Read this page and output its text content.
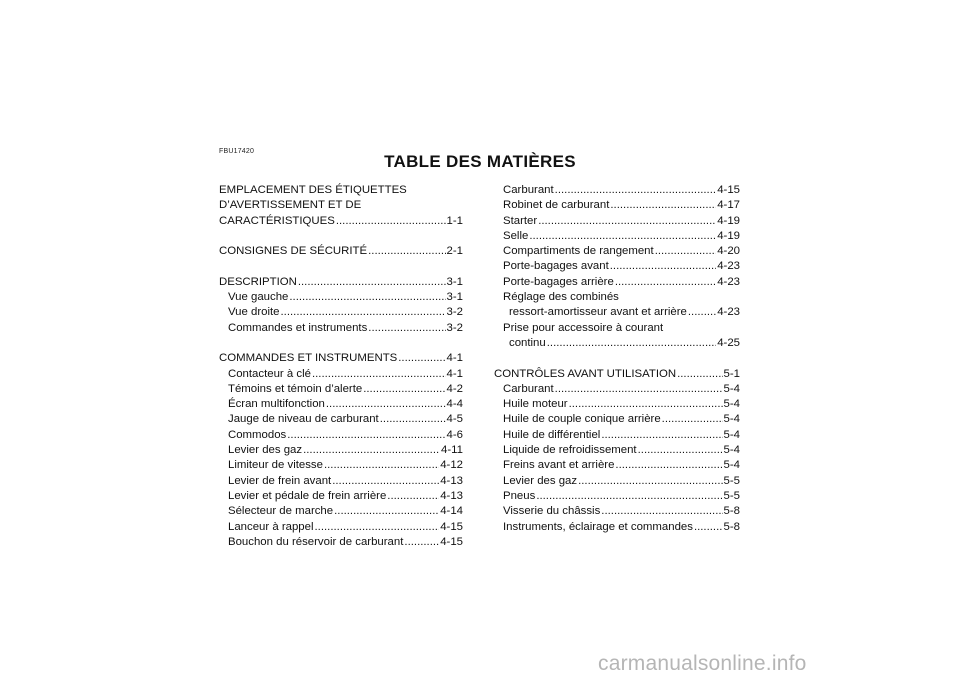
FBU17420
TABLE DES MATIÈRES
EMPLACEMENT DES ÉTIQUETTES
D’AVERTISSEMENT ET DE
CARACTÉRISTIQUES .....	1-1
CONSIGNES DE SÉCURITÉ .....	2-1
DESCRIPTION .....	3-1
Vue gauche .....	3-1
Vue droite .....	3-2
Commandes et instruments .....	3-2
COMMANDES ET INSTRUMENTS .....	4-1
Contacteur à clé .....	4-1
Témoins et témoin d’alerte .....	4-2
Écran multifonction .....	4-4
Jauge de niveau de carburant .....	4-5
Commodos .....	4-6
Levier des gaz .....	4-11
Limiteur de vitesse .....	4-12
Levier de frein avant .....	4-13
Levier et pédale de frein arrière .....	4-13
Sélecteur de marche .....	4-14
Lanceur à rappel .....	4-15
Bouchon du réservoir de carburant .....	4-15
Carburant .....	4-15
Robinet de carburant .....	4-17
Starter .....	4-19
Selle .....	4-19
Compartiments de rangement .....	4-20
Porte-bagages avant .....	4-23
Porte-bagages arrière .....	4-23
Réglage des combinés
ressort-amortisseur avant et arrière .....	4-23
Prise pour accessoire à courant
continu .....	4-25
CONTRÔLES AVANT UTILISATION .....	5-1
Carburant .....	5-4
Huile moteur .....	5-4
Huile de couple conique arrière .....	5-4
Huile de différentiel .....	5-4
Liquide de refroidissement .....	5-4
Freins avant et arrière .....	5-4
Levier des gaz .....	5-5
Pneus .....	5-5
Visserie du châssis .....	5-8
Instruments, éclairage et commandes .....	5-8
carmanualsonline.info
